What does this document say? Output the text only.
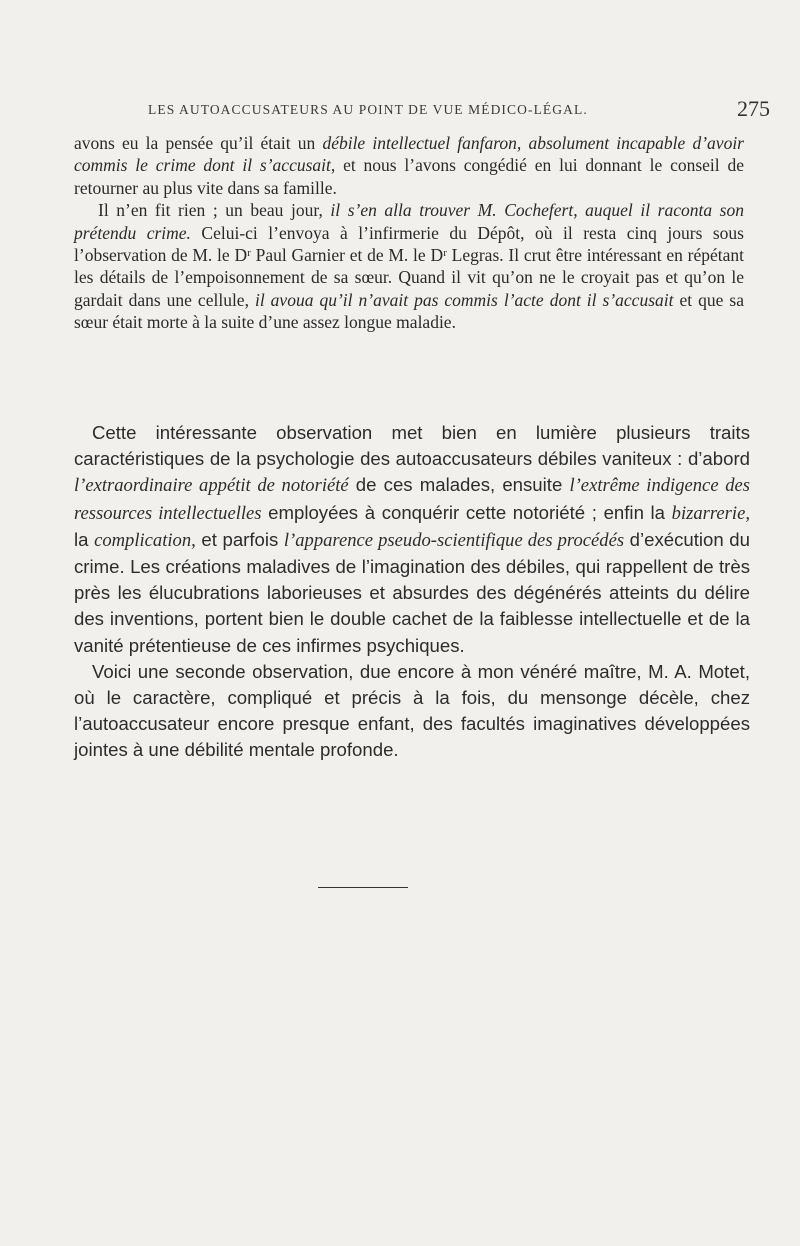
LES AUTOACCUSATEURS AU POINT DE VUE MÉDICO-LÉGAL.	275

avons eu la pensée qu’il était un débile intellectuel fanfaron, absolument incapable d’avoir commis le crime dont il s’accusait, et nous l’avons congédié en lui donnant le conseil de retourner au plus vite dans sa famille.

Il n’en fit rien ; un beau jour, il s’en alla trouver M. Cochefert, auquel il raconta son prétendu crime. Celui-ci l’envoya à l’infirmerie du Dépôt, où il resta cinq jours sous l’observation de M. le Dʳ Paul Garnier et de M. le Dʳ Legras. Il crut être intéressant en répétant les détails de l’empoisonnement de sa sœur. Quand il vit qu’on ne le croyait pas et qu’on le gardait dans une cellule, il avoua qu’il n’avait pas commis l’acte dont il s’accusait et que sa sœur était morte à la suite d’une assez longue maladie.

Cette intéressante observation met bien en lumière plusieurs traits caractéristiques de la psychologie des autoaccusateurs débiles vaniteux : d’abord l’extraordinaire appétit de notoriété de ces malades, ensuite l’extrême indigence des ressources intellectuelles employées à conquérir cette notoriété ; enfin la bizarrerie, la complication, et parfois l’apparence pseudo-scientifique des procédés d’exécution du crime. Les créations maladives de l’imagination des débiles, qui rappellent de très près les élucubrations laborieuses et absurdes des dégénérés atteints du délire des inventions, portent bien le double cachet de la faiblesse intellectuelle et de la vanité prétentieuse de ces infirmes psychiques.

Voici une seconde observation, due encore à mon vénéré maître, M. A. Motet, où le caractère, compliqué et précis à la fois, du mensonge décèle, chez l’autoaccusateur encore presque enfant, des facultés imaginatives développées jointes à une débilité mentale profonde.
